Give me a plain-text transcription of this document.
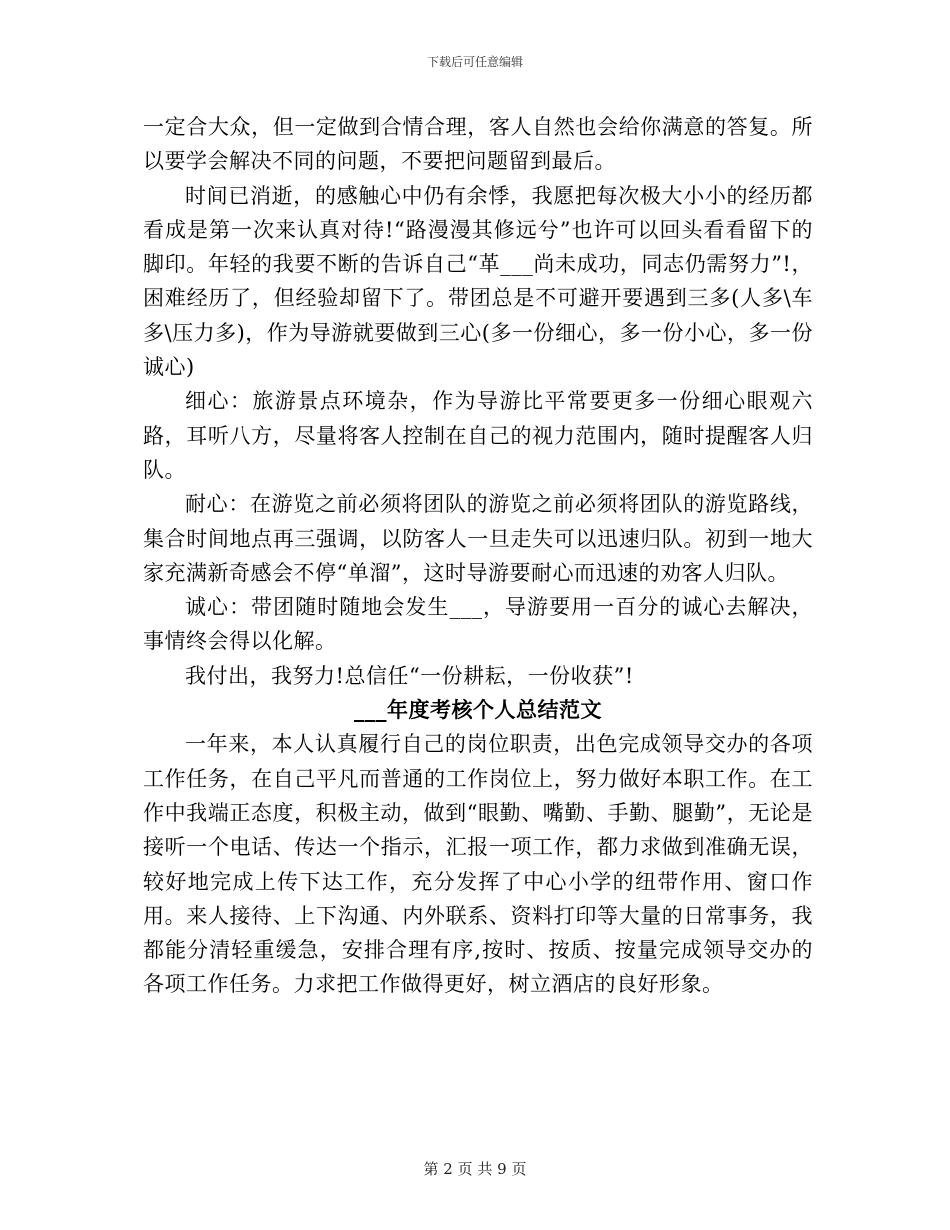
下载后可任意编辑

一定合大众，但一定做到合情合理，客人自然也会给你满意的答复。所以要学会解决不同的问题，不要把问题留到最后。

时间已消逝，的感触心中仍有余悸，我愿把每次极大小小的经历都看成是第一次来认真对待!“路漫漫其修远兮”也许可以回头看看留下的脚印。年轻的我要不断的告诉自己“革___尚未成功，同志仍需努力”!，困难经历了，但经验却留下了。带团总是不可避开要遇到三多(人多\车多\压力多)，作为导游就要做到三心(多一份细心，多一份小心，多一份诚心)

细心：旅游景点环境杂，作为导游比平常要更多一份细心眼观六路，耳听八方，尽量将客人控制在自己的视力范围内，随时提醒客人归队。

耐心：在游览之前必须将团队的游览之前必须将团队的游览路线，集合时间地点再三强调，以防客人一旦走失可以迅速归队。初到一地大家充满新奇感会不停“单溜”，这时导游要耐心而迅速的劝客人归队。

诚心：带团随时随地会发生___，导游要用一百分的诚心去解决，事情终会得以化解。

我付出，我努力!总信任“一份耕耘，一份收获”!

___年度考核个人总结范文

一年来，本人认真履行自己的岗位职责，出色完成领导交办的各项工作任务，在自己平凡而普通的工作岗位上，努力做好本职工作。在工作中我端正态度，积极主动，做到“眼勤、嘴勤、手勤、腿勤”，无论是接听一个电话、传达一个指示，汇报一项工作，都力求做到准确无误，较好地完成上传下达工作，充分发挥了中心小学的纽带作用、窗口作用。来人接待、上下沟通、内外联系、资料打印等大量的日常事务，我都能分清轻重缓急，安排合理有序,按时、按质、按量完成领导交办的各项工作任务。力求把工作做得更好，树立酒店的良好形象。

第 2 页 共 9 页
